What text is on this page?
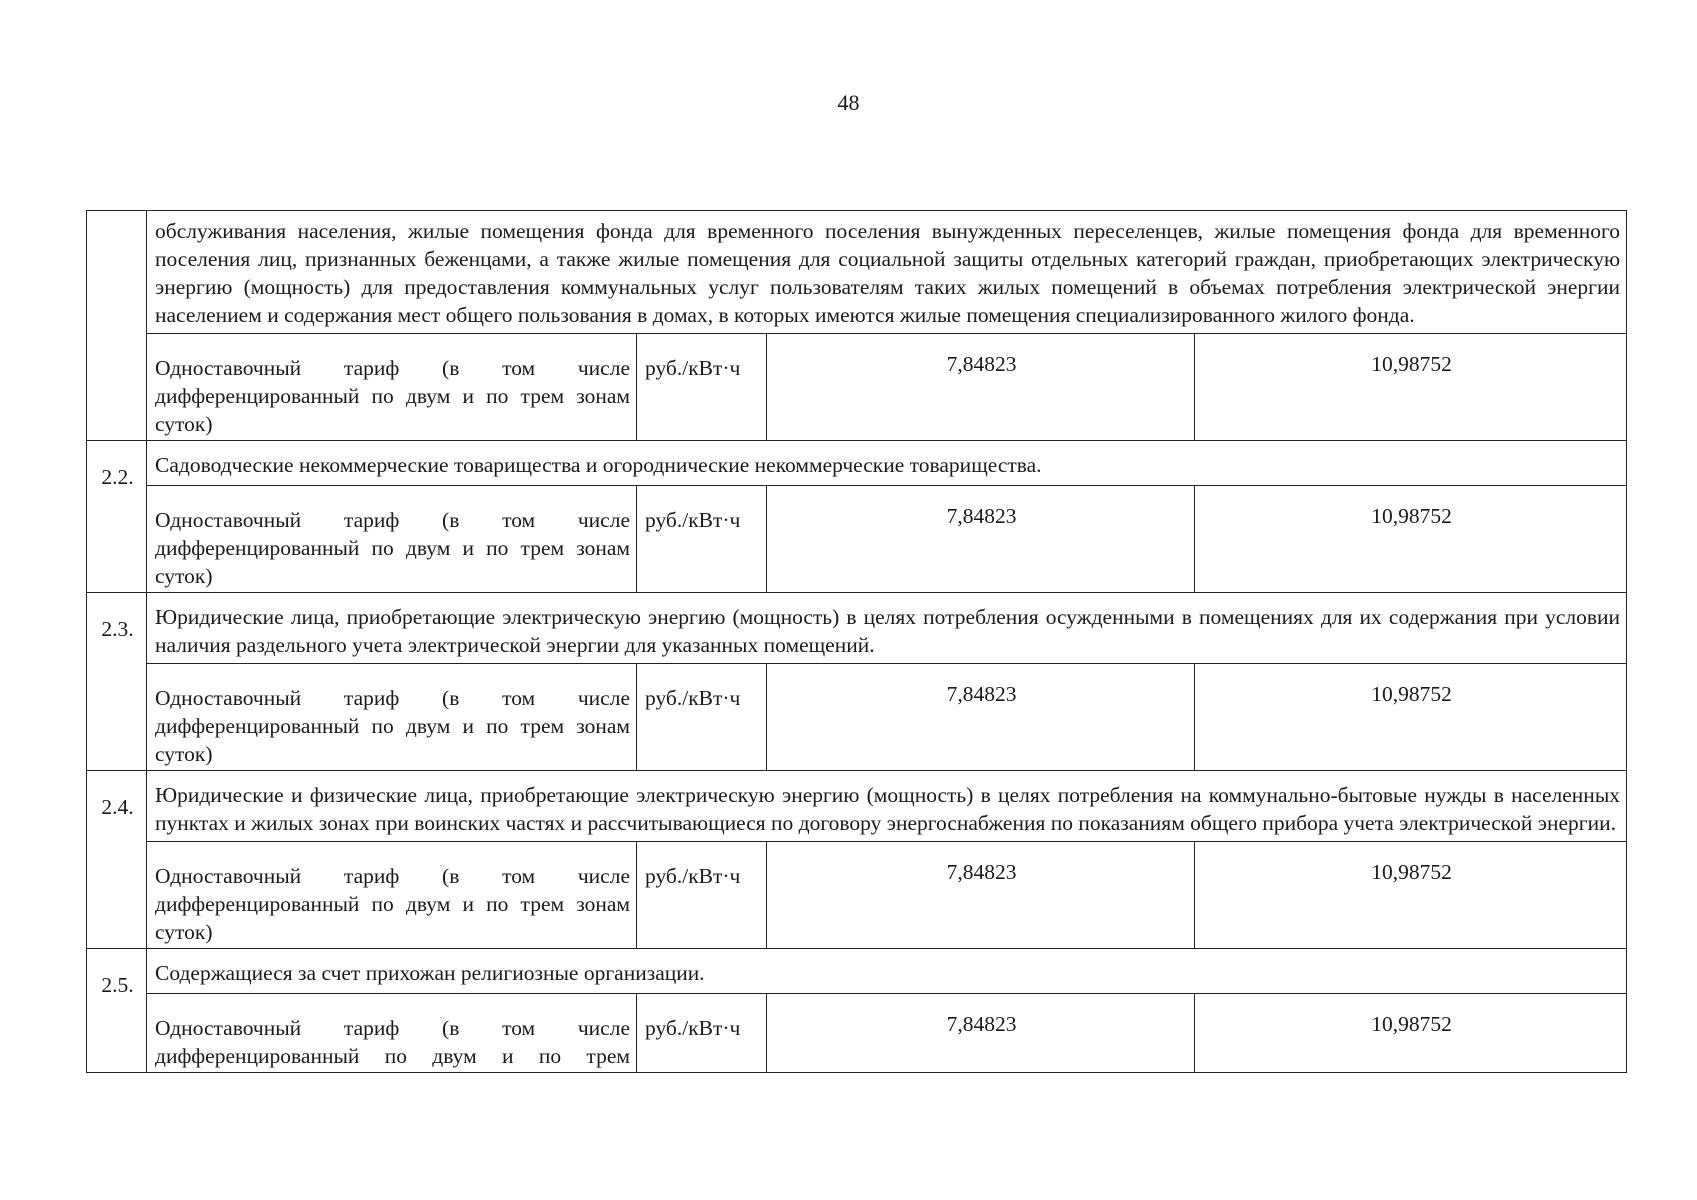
48
	обслуживания населения, жилые помещения фонда для временного поселения вынужденных переселенцев, жилые помещения фонда для временного поселения лиц, признанных беженцами, а также жилые помещения для социальной защиты отдельных категорий граждан, приобретающих электрическую энергию (мощность) для предоставления коммунальных услуг пользователям таких жилых помещений в объемах потребления электрической энергии населением и содержания мест общего пользования в домах, в которых имеются жилые помещения специализированного жилого фонда.			
	Одноставочный тариф (в том числе дифференцированный по двум и по трем зонам суток)	руб./кВт·ч	7,84823	10,98752
2.2.	Садоводческие некоммерческие товарищества и огороднические некоммерческие товарищества.			
	Одноставочный тариф (в том числе дифференцированный по двум и по трем зонам суток)	руб./кВт·ч	7,84823	10,98752
2.3.	Юридические лица, приобретающие электрическую энергию (мощность) в целях потребления осужденными в помещениях для их содержания при условии наличия раздельного учета электрической энергии для указанных помещений.			
	Одноставочный тариф (в том числе дифференцированный по двум и по трем зонам суток)	руб./кВт·ч	7,84823	10,98752
2.4.	Юридические и физические лица, приобретающие электрическую энергию (мощность) в целях потребления на коммунально-бытовые нужды в населенных пунктах и жилых зонах при воинских частях и рассчитывающиеся по договору энергоснабжения по показаниям общего прибора учета электрической энергии.			
	Одноставочный тариф (в том числе дифференцированный по двум и по трем зонам суток)	руб./кВт·ч	7,84823	10,98752
2.5.	Содержащиеся за счет прихожан религиозные организации.			
	Одноставочный тариф (в том числе дифференцированный по двум и по трем	руб./кВт·ч	7,84823	10,98752
